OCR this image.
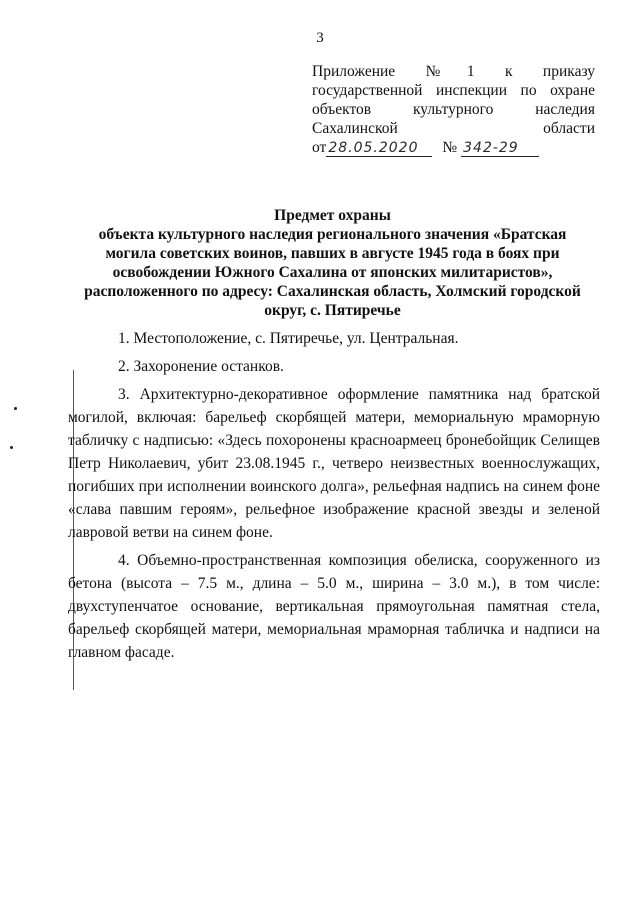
3
Приложение №1 к приказу
государственной инспекции по охране
объектов культурного наследия
Сахалинской области
от 28.05.2020 № 342-29
Предмет охраны
объекта культурного наследия регионального значения «Братская
могила советских воинов, павших в августе 1945 года в боях при
освобождении Южного Сахалина от японских милитаристов»,
расположенного по адресу: Сахалинская область, Холмский городской
округ, с. Пятиречье

1. Местоположение, с. Пятиречье, ул. Центральная.

2. Захоронение останков.

3. Архитектурно-декоративное оформление памятника над братской могилой, включая: барельеф скорбящей матери, мемориальную мраморную табличку с надписью: «Здесь похоронены красноармеец бронебойщик Селищев Петр Николаевич, убит 23.08.1945 г., четверо неизвестных военнослужащих, погибших при исполнении воинского долга», рельефная надпись на синем фоне «слава павшим героям», рельефное изображение красной звезды и зеленой лавровой ветви на синем фоне.

4. Объемно-пространственная композиция обелиска, сооруженного из бетона (высота – 7.5 м., длина – 5.0 м., ширина – 3.0 м.), в том числе: двухступенчатое основание, вертикальная прямоугольная памятная стела, барельеф скорбящей матери, мемориальная мраморная табличка и надписи на главном фасаде.
